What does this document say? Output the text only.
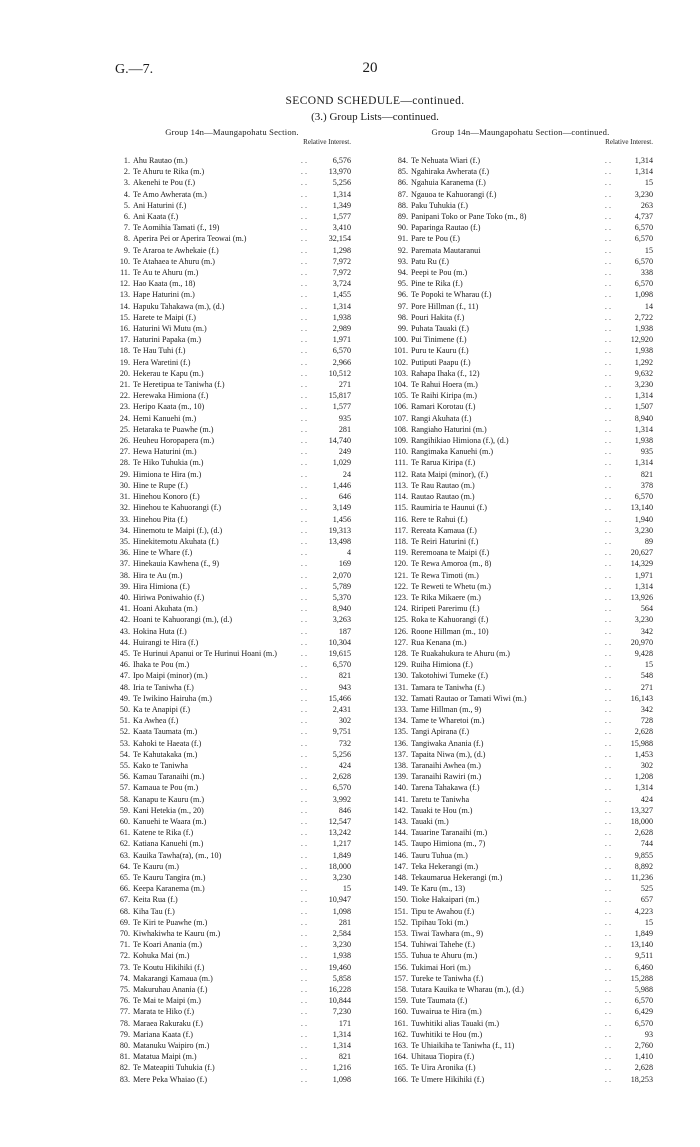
G.—7.	20
SECOND SCHEDULE—continued.
(3.) Group Lists—continued.
Group 14n—Maungapohatu Section.
Relative Interest.
1. Ahu Rautao (m.)	6,576
. .
2. Te Ahuru te Rika (m.)	13,970
. .
3. Akenehi te Pou (f.)	5,256
. .
4. Te Amo Awherata (m.)	1,314
. .
5. Ani Haturini (f.)	1,349
. .
6. Ani Kaata (f.)	1,577
. .
7. Te Aomihia Tamati (f., 19)	3,410
. .
8. Aperira Pei or Aperira Teowai (m.)	32,154
. .
9. Te Araroa te Awhekaie (f.)	1,298
. .
10. Te Atahaea te Ahuru (m.)	7,972
. .
11. Te Au te Ahuru (m.)	7,972
. .
12. Hao Kaata (m., 18)	3,724
. .
13. Hape Haturini (m.)	1,455
. .
14. Hapuku Tahakawa (m.), (d.)	1,314
. .
15. Harete te Maipi (f.)	1,938
. .
16. Haturini Wi Mutu (m.)	2,989
. .
17. Haturini Papaka (m.)	1,971
. .
18. Te Hau Tuhi (f.)	6,570
. .
19. Hera Waretini (f.)	2,966
. .
20. Hekerau te Kapu (m.)	10,512
. .
21. Te Heretipua te Taniwha (f.)	271
. .
22. Herewaka Himiona (f.)	15,817
. .
23. Heripo Kaata (m., 10)	1,577
. .
24. Hemi Kanuehi (m.)	935
. .
25. Hetaraka te Puawhe (m.)	281
. .
26. Heuheu Horopapera (m.)	14,740
. .
27. Hewa Haturini (m.)	249
. .
28. Te Hiko Tuhukia (m.)	1,029
. .
29. Himiona te Hira (m.)	24
. .
30. Hine te Rupe (f.)	1,446
. .
31. Hinehou Konoro (f.)	646
. .
32. Hinehou te Kahuorangi (f.)	3,149
. .
33. Hinehou Pita (f.)	1,456
. .
34. Hinemotu te Maipi (f.), (d.)	19,313
. .
35. Hinekitemotu Akuhata (f.)	13,498
. .
36. Hine te Whare (f.)	4
. .
37. Hinekauia Kawhena (f., 9)	169
. .
38. Hira te Au (m.)	2,070
. .
39. Hira Himiona (f.)	5,789
. .
40. Hiriwa Poniwahio (f.)	5,370
. .
41. Hoani Akuhata (m.)	8,940
. .
42. Hoani te Kahuorangi (m.), (d.)	3,263
. .
43. Hokina Huta (f.)	187
. .
44. Huirangi te Hira (f.)	10,304
. .
45. Te Hurinui Apanui or Te Hurinui Hoani (m.)	19,615
. .
46. Ihaka te Pou (m.)	6,570
. .
47. Ipo Maipi (minor) (m.)	821
. .
48. Iria te Taniwha (f.)	943
. .
49. Te Iwikino Hairuha (m.)	15,466
. .
50. Ka te Anapipi (f.)	2,431
. .
51. Ka Awhea (f.)	302
. .
52. Kaata Taumata (m.)	9,751
. .
53. Kahoki te Haeata (f.)	732
. .
54. Te Kahutakaka (m.)	5,256
. .
55. Kako te Taniwha	424
. .
56. Kamau Taranaihi (m.)	2,628
. .
57. Kamaua te Pou (m.)	6,570
. .
58. Kanapu te Kauru (m.)	3,992
. .
59. Kani Hetekia (m., 20)	846
. .
60. Kanuehi te Waara (m.)	12,547
. .
61. Katene te Rika (f.)	13,242
. .
62. Katiana Kanuehi (m.)	1,217
. .
63. Kauika Tawha(ra), (m., 10)	1,849
. .
64. Te Kauru (m.)	18,000
. .
65. Te Kauru Tangira (m.)	3,230
. .
66. Keepa Karanema (m.)	15
. .
67. Keita Rua (f.)	10,947
. .
68. Kiha Tau (f.)	1,098
. .
69. Te Kiri te Puawhe (m.)	281
. .
70. Kiwhakiwha te Kauru (m.)	2,584
. .
71. Te Koari Anania (m.)	3,230
. .
72. Kohuka Mai (m.)	1,938
. .
73. Te Koutu Hikihiki (f.)	19,460
. .
74. Makarangi Kamaua (m.)	5,858
. .
75. Makuruhau Anania (f.)	16,228
. .
76. Te Mai te Maipi (m.)	10,844
. .
77. Marata te Hiko (f.)	7,230
. .
78. Maraea Rakuraku (f.)	171
. .
79. Mariana Kaata (f.)	1,314
. .
80. Matanuku Waipiro (m.)	1,314
. .
81. Matatua Maipi (m.)	821
. .
82. Te Mateapiti Tuhukia (f.)	1,216
. .
83. Mere Peka Whaiao (f.)	1,098
. .
Group 14n—Maungapohatu Section—continued.
Relative Interest.
84. Te Nehuata Wiari (f.)	1,314
. .
85. Ngahiraka Awherata (f.)	1,314
. .
86. Ngahuia Karanema (f.)	15
. .
87. Ngauoa te Kahuorangi (f.)	3,230
. .
88. Paku Tuhukia (f.)	263
. .
89. Panipani Toko or Pane Toko (m., 8)	4,737
. .
90. Paparinga Rautao (f.)	6,570
. .
91. Pare te Pou (f.)	6,570
. .
92. Paremata Mautaranui	15
. .
93. Patu Ru (f.)	6,570
. .
94. Peepi te Pou (m.)	338
. .
95. Pine te Rika (f.)	6,570
. .
96. Te Popoki te Wharau (f.)	1,098
. .
97. Pore Hillman (f., 11)	14
. .
98. Pouri Hakita (f.)	2,722
. .
99. Puhata Tauaki (f.)	1,938
. .
100. Pui Tinimene (f.)	12,920
. .
101. Puru te Kauru (f.)	1,938
. .
102. Putiputi Paapu (f.)	1,292
. .
103. Rahapa Ihaka (f., 12)	9,632
. .
104. Te Rahui Hoera (m.)	3,230
. .
105. Te Raihi Kiripa (m.)	1,314
. .
106. Ramari Korotau (f.)	1,507
. .
107. Rangi Akuhata (f.)	8,940
. .
108. Rangiaho Haturini (m.)	1,314
. .
109. Rangihikiao Himiona (f.), (d.)	1,938
. .
110. Rangimaka Kanuehi (m.)	935
. .
111. Te Rarua Kiripa (f.)	1,314
. .
112. Rata Maipi (minor), (f.)	821
. .
113. Te Rau Rautao (m.)	378
. .
114. Rautao Rautao (m.)	6,570
. .
115. Raumiria te Haunui (f.)	13,140
. .
116. Rere te Rahui (f.)	1,940
. .
117. Rereata Kamaua (f.)	3,230
. .
118. Te Reiri Haturini (f.)	89
. .
119. Reremoana te Maipi (f.)	20,627
. .
120. Te Rewa Amoroa (m., 8)	14,329
. .
121. Te Rewa Timoti (m.)	1,971
. .
122. Te Reweti te Whetu (m.)	1,314
. .
123. Te Rika Mikaere (m.)	13,926
. .
124. Riripeti Parerimu (f.)	564
. .
125. Roka te Kahuorangi (f.)	3,230
. .
126. Roone Hillman (m., 10)	342
. .
127. Rua Kenana (m.)	20,970
. .
128. Te Ruakahukura te Ahuru (m.)	9,428
. .
129. Ruiha Himiona (f.)	15
. .
130. Takotohiwi Tumeke (f.)	548
. .
131. Tamara te Taniwha (f.)	271
. .
132. Tamati Rautao or Tamati Wiwi (m.)	16,143
. .
133. Tame Hillman (m., 9)	342
. .
134. Tame te Wharetoi (m.)	728
. .
135. Tangi Apirana (f.)	2,628
. .
136. Tangiwaka Anania (f.)	15,988
. .
137. Tapaita Niwa (m.), (d.)	1,453
. .
138. Taranaihi Awhea (m.)	302
. .
139. Taranaihi Rawiri (m.)	1,208
. .
140. Tarena Tahakawa (f.)	1,314
. .
141. Taretu te Taniwha	424
. .
142. Tauaki te Hou (m.)	13,327
. .
143. Tauaki (m.)	18,000
. .
144. Tauarine Taranaihi (m.)	2,628
. .
145. Taupo Himiona (m., 7)	744
. .
146. Tauru Tuhua (m.)	9,855
. .
147. Teka Hekerangi (m.)	8,892
. .
148. Tekaumarua Hekerangi (m.)	11,236
. .
149. Te Karu (m., 13)	525
. .
150. Tioke Hakaipari (m.)	657
. .
151. Tipu te Awahou (f.)	4,223
. .
152. Tipihau Toki (m.)	15
. .
153. Tiwai Tawhara (m., 9)	1,849
. .
154. Tuhiwai Tahehe (f.)	13,140
. .
155. Tuhua te Ahuru (m.)	9,511
. .
156. Tukimai Hori (m.)	6,460
. .
157. Tureke te Taniwha (f.)	15,288
. .
158. Tutara Kauika te Wharau (m.), (d.)	5,988
. .
159. Tute Taumata (f.)	6,570
. .
160. Tuwairua te Hira (m.)	6,429
. .
161. Tuwhitiki alias Tauaki (m.)	6,570
. .
162. Tuwhitiki te Hou (m.)	93
. .
163. Te Uhiaikiha te Taniwha (f., 11)	2,760
. .
164. Uhitaua Tiopira (f.)	1,410
. .
165. Te Uira Aronika (f.)	2,628
. .
166. Te Umere Hikihiki (f.)	18,253
. .
